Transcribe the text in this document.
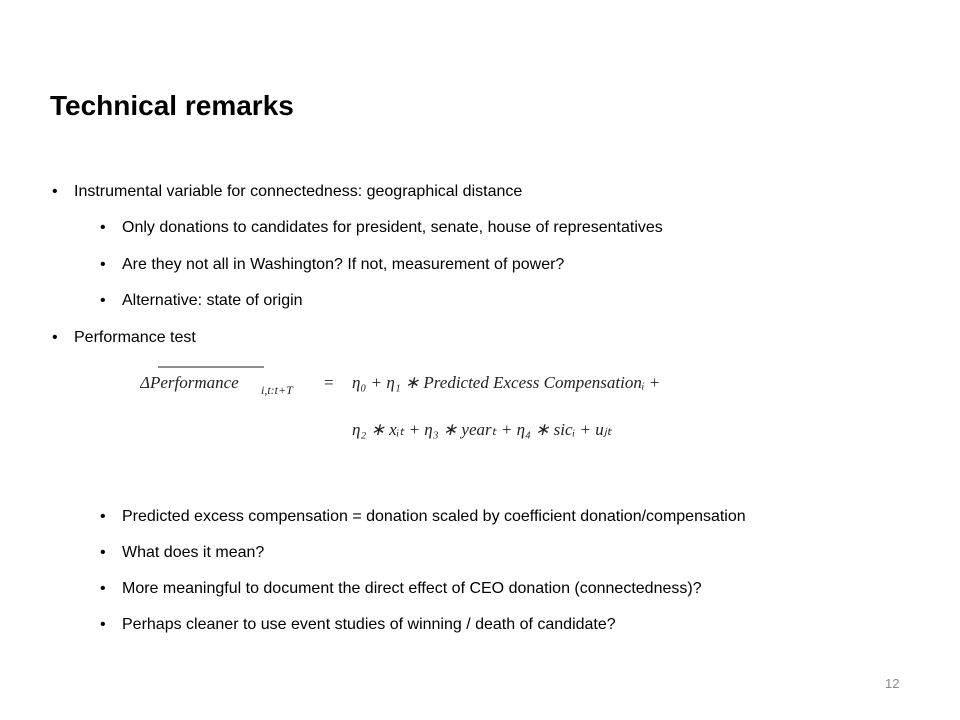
Technical remarks
• Instrumental variable for connectedness: geographical distance
• Only donations to candidates for president, senate, house of representatives
• Are they not all in Washington? If not, measurement of power?
• Alternative: state of origin
• Performance test
ΔPerformance i,t:t+T = η₀ + η₁ ∗ Predicted Excess Compensationᵢ +
η₂ ∗ xᵢₜ + η₃ ∗ yearₜ + η₄ ∗ sicᵢ + uⱼₜ
• Predicted excess compensation = donation scaled by coefficient donation/compensation
• What does it mean?
• More meaningful to document the direct effect of CEO donation (connectedness)?
• Perhaps cleaner to use event studies of winning / death of candidate?
12
